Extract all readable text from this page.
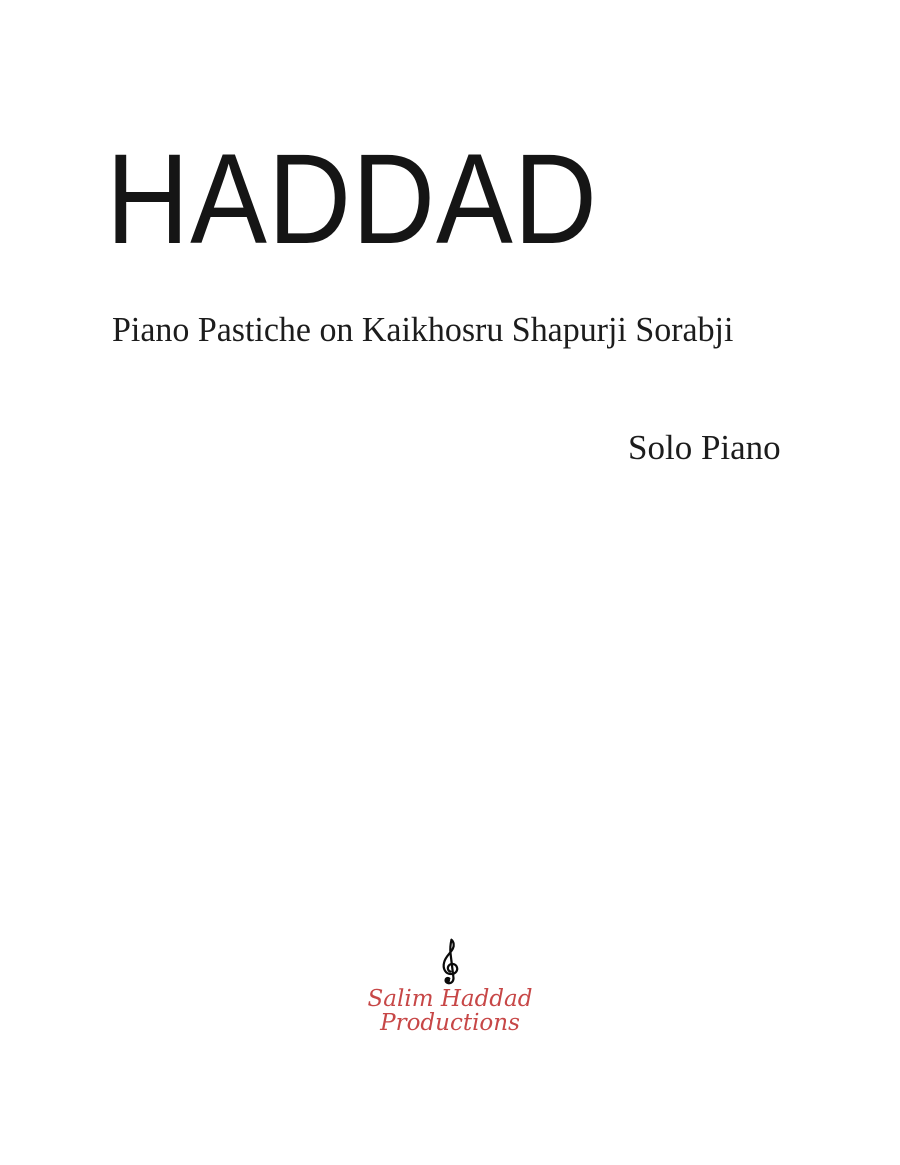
HADDAD
Piano Pastiche on Kaikhosru Shapurji Sorabji
Solo Piano
Salim Haddad
Productions
